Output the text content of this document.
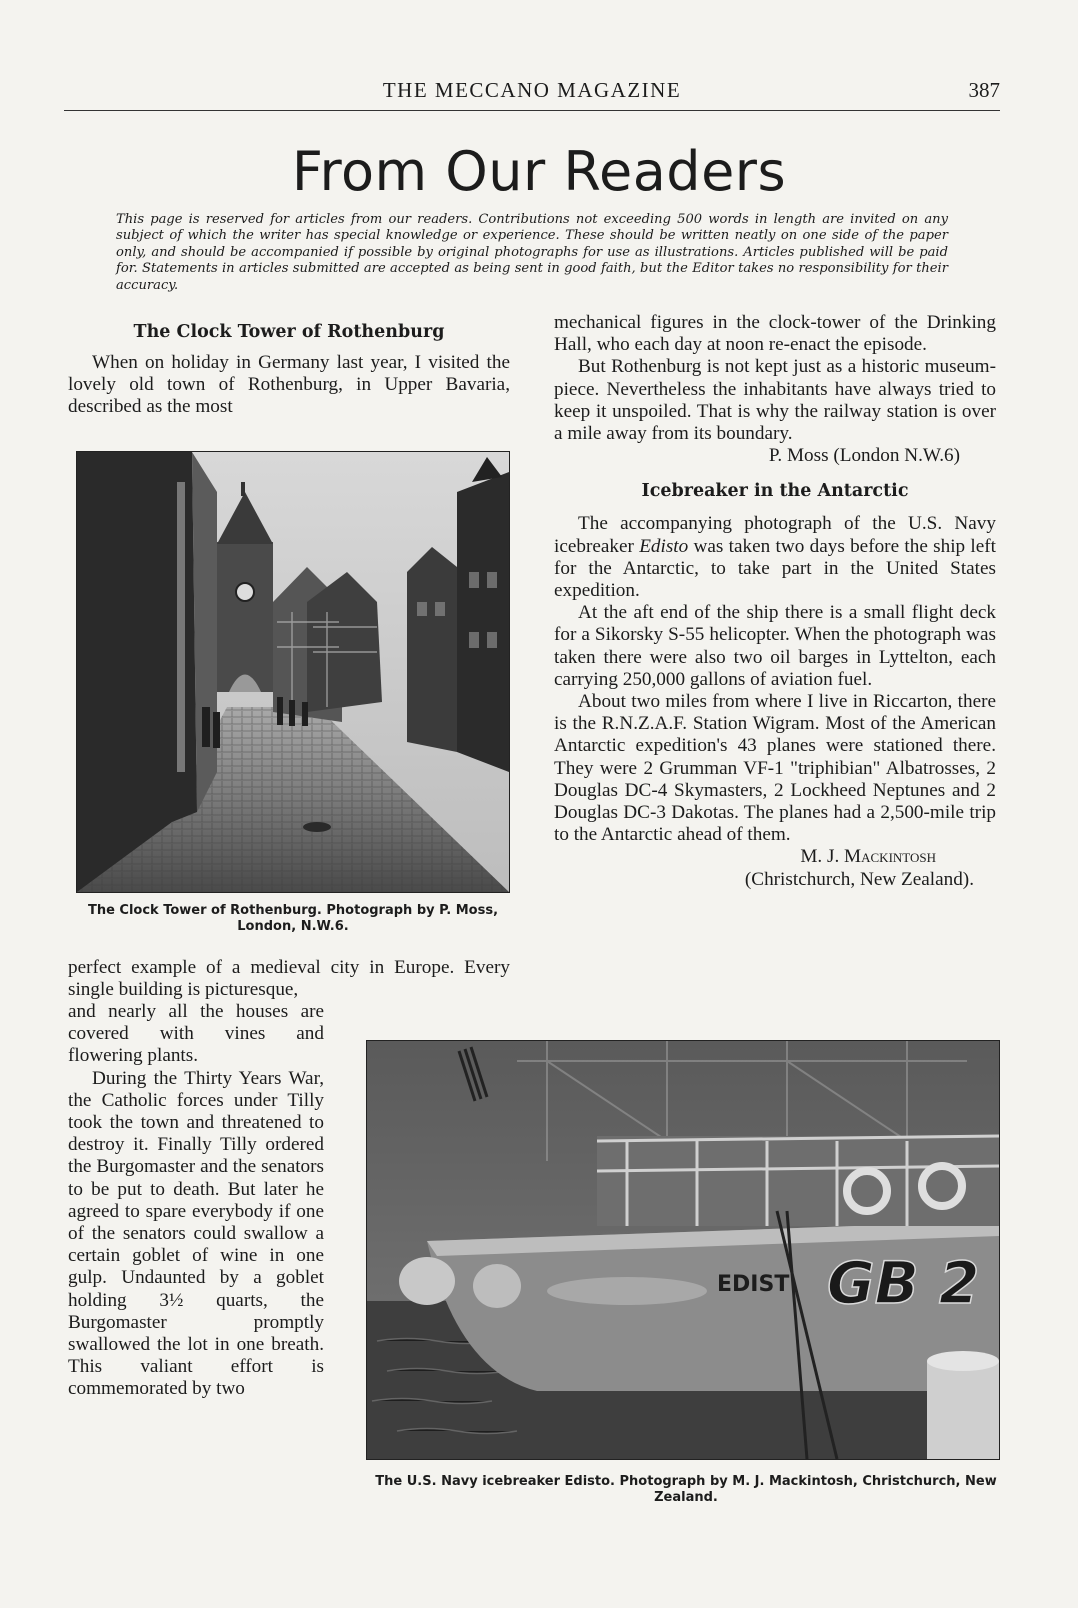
THE MECCANO MAGAZINE	387
From Our Readers

This page is reserved for articles from our readers. Contributions not exceeding 500 words in length are invited on any subject of which the writer has special knowledge or experience. These should be written neatly on one side of the paper only, and should be accompanied if possible by original photographs for use as illustrations. Articles published will be paid for. Statements in articles submitted are accepted as being sent in good faith, but the Editor takes no responsibility for their accuracy.

The Clock Tower of Rothenburg

When on holiday in Germany last year, I visited the lovely old town of Rothenburg, in Upper Bavaria, described as the most

The Clock Tower of Rothenburg. Photograph by P. Moss, London, N.W.6.

perfect example of a medieval city in Europe. Every single building is picturesque,

and nearly all the houses are covered with vines and flowering plants.

During the Thirty Years War, the Catholic forces under Tilly took the town and threatened to destroy it. Finally Tilly ordered the Burgomaster and the senators to be put to death. But later he agreed to spare everybody if one of the senators could swallow a certain goblet of wine in one gulp. Undaunted by a goblet holding 3½ quarts, the Burgomaster promptly swallowed the lot in one breath. This valiant effort is commemorated by two

mechanical figures in the clock-tower of the Drinking Hall, who each day at noon re-enact the episode.

But Rothenburg is not kept just as a historic museum-piece. Nevertheless the inhabitants have always tried to keep it unspoiled. That is why the railway station is over a mile away from its boundary.

P. Moss (London N.W.6)

Icebreaker in the Antarctic

The accompanying photograph of the U.S. Navy icebreaker Edisto was taken two days before the ship left for the Antarctic, to take part in the United States expedition.

At the aft end of the ship there is a small flight deck for a Sikorsky S-55 helicopter. When the photograph was taken there were also two oil barges in Lyttelton, each carrying 250,000 gallons of aviation fuel.

About two miles from where I live in Riccarton, there is the R.N.Z.A.F. Station Wigram. Most of the American Antarctic expedition's 43 planes were stationed there. They were 2 Grumman VF-1 "triphibian" Albatrosses, 2 Douglas DC-4 Skymasters, 2 Lockheed Neptunes and 2 Douglas DC-3 Dakotas. The planes had a 2,500-mile trip to the Antarctic ahead of them.

M. J. Mackintosh

(Christchurch, New Zealand).

EDIST GB 2

The U.S. Navy icebreaker Edisto. Photograph by M. J. Mackintosh, Christchurch, New Zealand.
